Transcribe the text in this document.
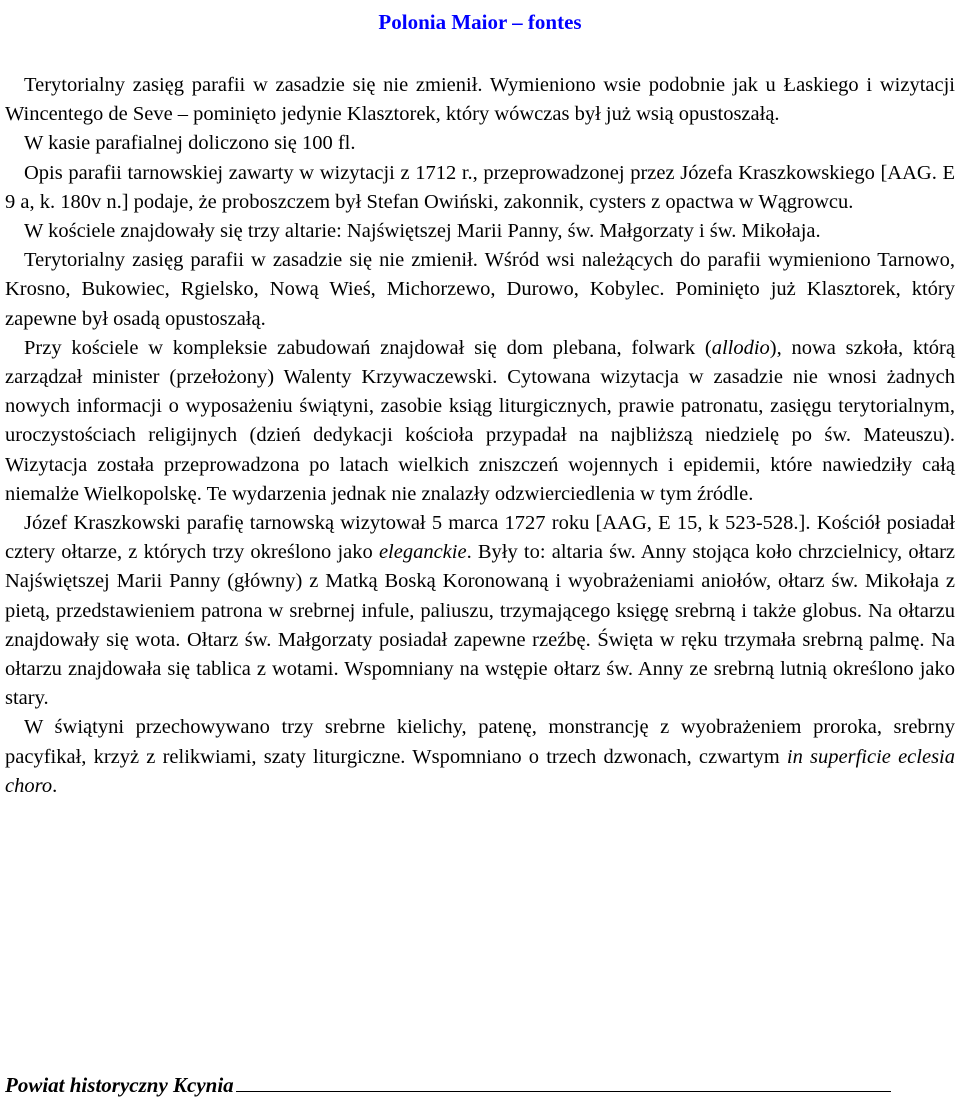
Polonia Maior – fontes

Terytorialny zasięg parafii w zasadzie się nie zmienił. Wymieniono wsie podobnie jak u Łaskiego i wizytacji Wincentego de Seve – pominięto jedynie Klasztorek, który wówczas był już wsią opustoszałą.

W kasie parafialnej doliczono się 100 fl.

Opis parafii tarnowskiej zawarty w wizytacji z 1712 r., przeprowadzonej przez Józefa Kraszkowskiego [AAG. E 9 a, k. 180v n.] podaje, że proboszczem był Stefan Owiński, zakonnik, cysters z opactwa w Wągrowcu.

W kościele znajdowały się trzy altarie: Najświętszej Marii Panny, św. Małgorzaty i św. Mikołaja.

Terytorialny zasięg parafii w zasadzie się nie zmienił. Wśród wsi należących do parafii wymieniono Tarnowo, Krosno, Bukowiec, Rgielsko, Nową Wieś, Michorzewo, Durowo, Kobylec. Pominięto już Klasztorek, który zapewne był osadą opustoszałą.

Przy kościele w kompleksie zabudowań znajdował się dom plebana, folwark (allodio), nowa szkoła, którą zarządzał minister (przełożony) Walenty Krzywaczewski. Cytowana wizytacja w zasadzie nie wnosi żadnych nowych informacji o wyposażeniu świątyni, zasobie ksiąg liturgicznych, prawie patronatu, zasięgu terytorialnym, uroczystościach religijnych (dzień dedykacji kościoła przypadał na najbliższą niedzielę po św. Mateuszu). Wizytacja została przeprowadzona po latach wielkich zniszczeń wojennych i epidemii, które nawiedziły całą niemalże Wielkopolskę. Te wydarzenia jednak nie znalazły odzwierciedlenia w tym źródle.

Józef Kraszkowski parafię tarnowską wizytował 5 marca 1727 roku [AAG, E 15, k 523-528.]. Kościół posiadał cztery ołtarze, z których trzy określono jako eleganckie. Były to: altaria św. Anny stojąca koło chrzcielnicy, ołtarz Najświętszej Marii Panny (główny) z Matką Boską Koronowaną i wyobrażeniami aniołów, ołtarz św. Mikołaja z pietą, przedstawieniem patrona w srebrnej infule, paliuszu, trzymającego księgę srebrną i także globus. Na ołtarzu znajdowały się wota. Ołtarz św. Małgorzaty posiadał zapewne rzeźbę. Święta w ręku trzymała srebrną palmę. Na ołtarzu znajdowała się tablica z wotami. Wspomniany na wstępie ołtarz św. Anny ze srebrną lutnią określono jako stary.

W świątyni przechowywano trzy srebrne kielichy, patenę, monstrancję z wyobrażeniem proroka, srebrny pacyfikał, krzyż z relikwiami, szaty liturgiczne. Wspomniano o trzech dzwonach, czwartym in superficie eclesia choro.

Powiat historyczny Kcynia
